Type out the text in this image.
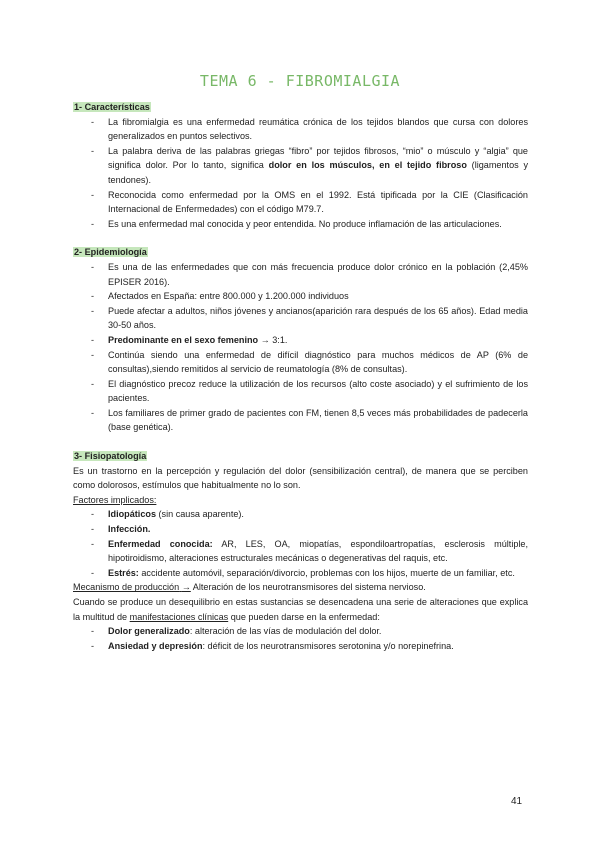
TEMA 6 - FIBROMIALGIA
1- Características
- La fibromialgia es una enfermedad reumática crónica de los tejidos blandos que cursa con dolores generalizados en puntos selectivos.
- La palabra deriva de las palabras griegas “fibro” por tejidos fibrosos, “mio” o músculo y “algia” que significa dolor. Por lo tanto, significa dolor en los músculos, en el tejido fibroso (ligamentos y tendones).
- Reconocida como enfermedad por la OMS en el 1992. Está tipificada por la CIE (Clasificación Internacional de Enfermedades) con el código M79.7.
- Es una enfermedad mal conocida y peor entendida. No produce inflamación de las articulaciones.
2- Epidemiología
- Es una de las enfermedades que con más frecuencia produce dolor crónico en la población (2,45% EPISER 2016).
- Afectados en España: entre 800.000 y 1.200.000 individuos
- Puede afectar a adultos, niños jóvenes y ancianos(aparición rara después de los 65 años). Edad media 30-50 años.
- Predominante en el sexo femenino → 3:1.
- Continúa siendo una enfermedad de difícil diagnóstico para muchos médicos de AP (6% de consultas),siendo remitidos al servicio de reumatología (8% de consultas).
- El diagnóstico precoz reduce la utilización de los recursos (alto coste asociado) y el sufrimiento de los pacientes.
- Los familiares de primer grado de pacientes con FM, tienen 8,5 veces más probabilidades de padecerla (base genética).
3- Fisiopatología

Es un trastorno en la percepción y regulación del dolor (sensibilización central), de manera que se perciben como dolorosos, estímulos que habitualmente no lo son.

Factores implicados:

- Idiopáticos (sin causa aparente).
- Infección.
- Enfermedad conocida: AR, LES, OA, miopatías, espondiloartropatías, esclerosis múltiple, hipotiroidismo, alteraciones estructurales mecánicas o degenerativas del raquis, etc.
- Estrés: accidente automóvil, separación/divorcio, problemas con los hijos, muerte de un familiar, etc.

Mecanismo de producción → Alteración de los neurotransmisores del sistema nervioso.

Cuando se produce un desequilibrio en estas sustancias se desencadena una serie de alteraciones que explica la multitud de manifestaciones clínicas que pueden darse en la enfermedad:

- Dolor generalizado: alteración de las vías de modulación del dolor.
- Ansiedad y depresión: déficit de los neurotransmisores serotonina y/o norepinefrina.
41
